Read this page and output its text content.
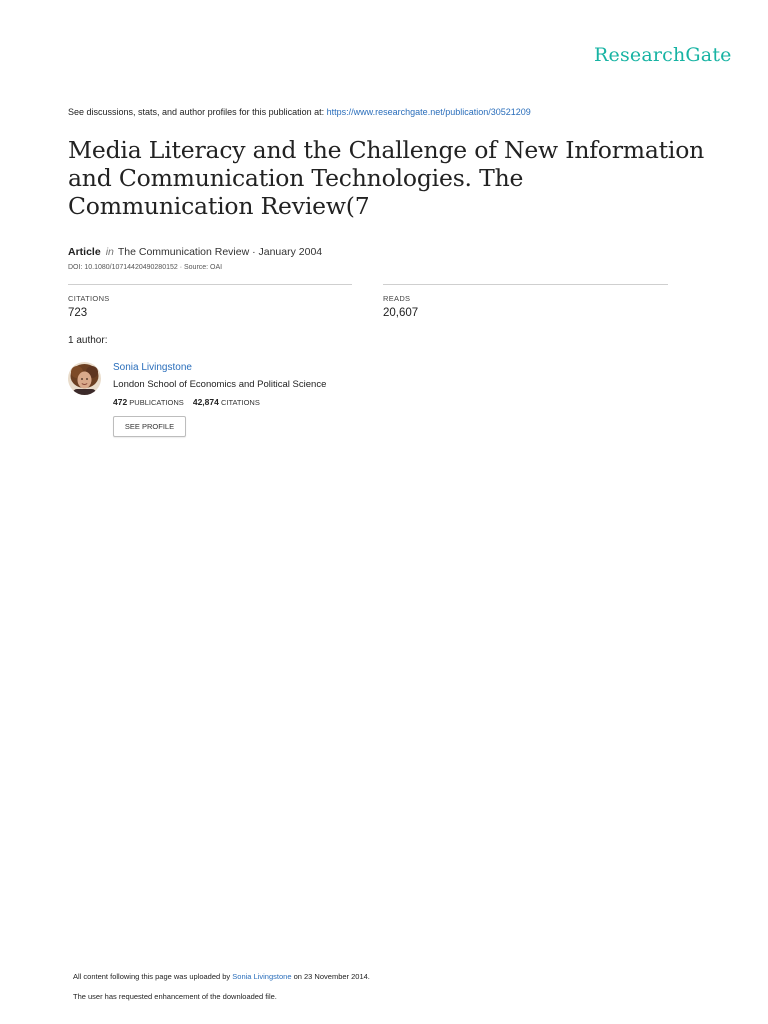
ResearchGate
See discussions, stats, and author profiles for this publication at: https://www.researchgate.net/publication/30521209
Media Literacy and the Challenge of New Information and Communication Technologies. The Communication Review(7
Article in The Communication Review · January 2004
DOI: 10.1080/10714420490280152 · Source: OAI
CITATIONS
723
READS
20,607
1 author:
Sonia Livingstone
London School of Economics and Political Science
472 PUBLICATIONS 42,874 CITATIONS
SEE PROFILE
All content following this page was uploaded by Sonia Livingstone on 23 November 2014.
The user has requested enhancement of the downloaded file.
